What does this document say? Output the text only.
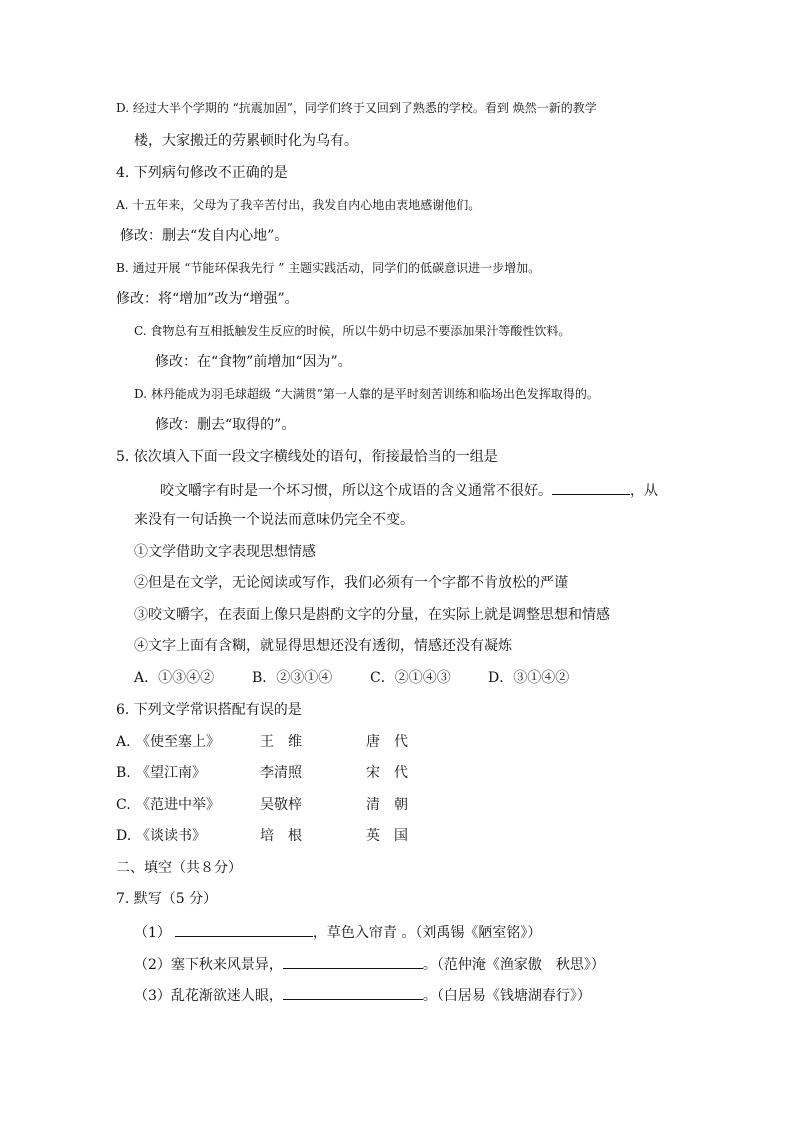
D. 经过大半个学期的 “抗震加固”，同学们终于又回到了熟悉的学校。看到 焕然一新的教学
楼，大家搬迁的劳累顿时化为乌有。
4. 下列病句修改不正确的是
A. 十五年来，父母为了我辛苦付出，我发自内心地由衷地感谢他们。
修改：删去“发自内心地”。
B. 通过开展 “节能环保我先行 ” 主题实践活动，同学们的低碳意识进一步增加。
修改：将“增加”改为“增强”。
C. 食物总有互相抵触发生反应的时候，所以牛奶中切忌不要添加果汁等酸性饮料。
修改：在“食物”前增加“因为”。
D. 林丹能成为羽毛球超级 “大满贯”第一人靠的是平时刻苦训练和临场出色发挥取得的。
修改：删去“取得的”。
5. 依次填入下面一段文字横线处的语句，衔接最恰当的一组是
咬文嚼字有时是一个坏习惯，所以这个成语的含义通常不很好。	，从
来没有一句话换一个说法而意味仍完全不变。
①文学借助文字表现思想情感
②但是在文学，无论阅读或写作，我们必须有一个字都不肯放松的严谨
③咬文嚼字，在表面上像只是斟酌文字的分量，在实际上就是调整思想和情感
④文字上面有含糊，就显得思想还没有透彻，情感还没有凝炼
A．①③④②	B．②③①④	C．②①④③	D．③①④②
6. 下列文学常识搭配有误的是
A. 《使至塞上》	王　维	唐　代
B. 《望江南》	李清照	宋　代
C. 《范进中举》	吴敬梓	清　朝
D. 《谈读书》	培　根	英　国
二、填空（共８分）
7. 默写（5 分）
（1）	，草色入帘青 。（刘禹锡《陋室铭》）
（2）塞下秋来风景异，	。（范仲淹《渔家傲　秋思》）
（3）乱花渐欲迷人眼，	。（白居易《钱塘湖春行》）
